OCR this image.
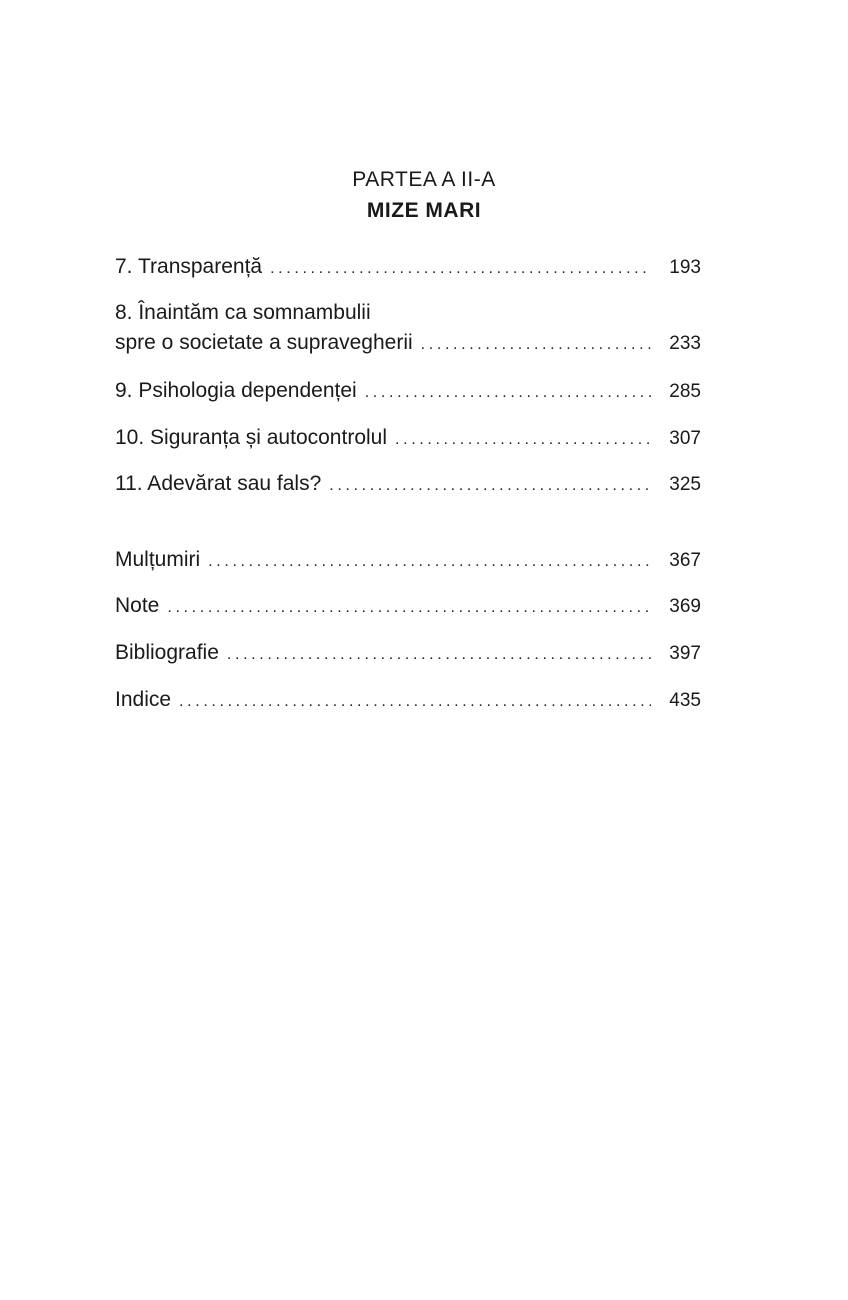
PARTEA A II-A
MIZE MARI
7. Transparență . . .	193
8. Înaintăm ca somnambulii
spre o societate a supravegherii . . .	233
9. Psihologia dependenței . . .	285
10. Siguranța și autocontrolul . . .	307
11. Adevărat sau fals? . . .	325
Mulțumiri . . .	367
Note . . .	369
Bibliografie . . .	397
Indice . . .	435
